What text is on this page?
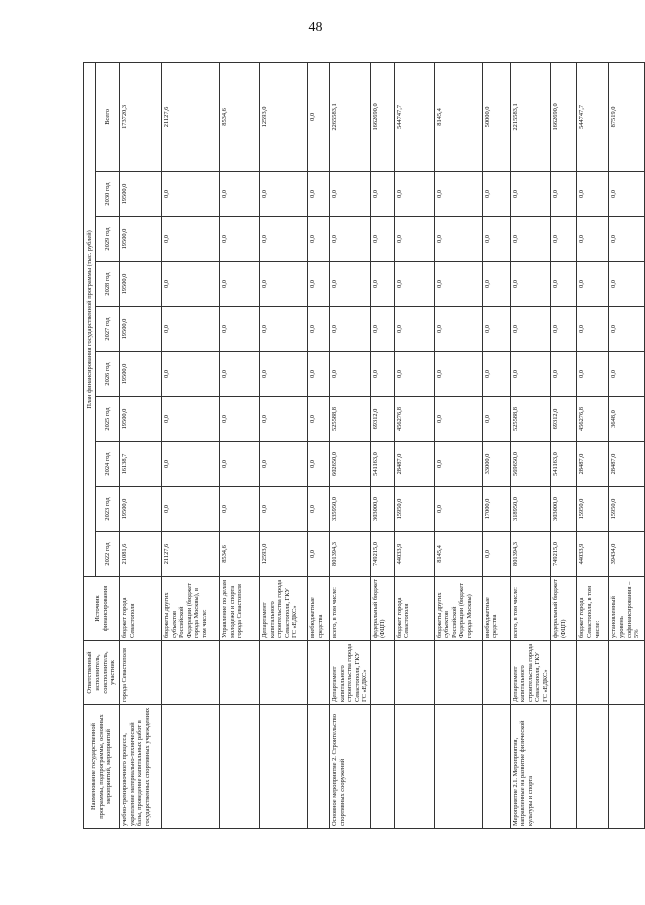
48
Наименование государственной программы, подпрограммы, основных мероприятий, мероприятий	Ответственный исполнитель, соисполнитель, участник	Источник финансирования	План финансирования государственной программы (тыс. рублей)									
			2022 год	2023 год	2024 год	2025 год	2026 год	2027 год	2028 год	2029 год	2030 год	Всего
учебно-тренировочного процесса, укрепление материально-технической базы, проведение капитальных работ в государственных спортивных учреждениях	города Севастополя	бюджет города Севастополя	21081,6	19500,0	16138,7	19500,0	19500,0	19500,0	19500,0	19500,0	19500,0	173720,3
		бюджеты других субъектов Российской Федерации (бюджет города Москвы), в том числе:	21127,6	0,0	0,0	0,0	0,0	0,0	0,0	0,0	0,0	21127,6
		Управление по делам молодежи и спорта города Севастополя	8534,6	0,0	0,0	0,0	0,0	0,0	0,0	0,0	0,0	8534,6
		Департамент капитального строительства города Севастополя, ГКУ ГС «ЕДКС»	12593,0	0,0	0,0	0,0	0,0	0,0	0,0	0,0	0,0	12593,0
		внебюджетные средства	0,0	0,0	0,0	0,0	0,0	0,0	0,0	0,0	0,0	0,0
Основное мероприятие 2. Строительство спортивных сооружений	Департамент капитального строительства города Севастополя, ГКУ ГС «ЕДКС»	всего, в том числе:	801394,3	335950,0	602650,0	525588,8	0,0	0,0	0,0	0,0	0,0	2265583,1
		федеральный бюджет (ФЦП)	749215,0	303000,0	541163,0	69312,0	0,0	0,0	0,0	0,0	0,0	1662690,0
		бюджет города Севастополя	44033,9	15950,0	28487,0	456276,8	0,0	0,0	0,0	0,0	0,0	544747,7
		бюджеты других субъектов Российской Федерации (бюджет города Москвы)	8145,4	0,0	0,0	0,0	0,0	0,0	0,0	0,0	0,0	8145,4
		внебюджетные средства	0,0	17000,0	33000,0	0,0	0,0	0,0	0,0	0,0	0,0	50000,0
Мероприятие 2.1. Мероприятия, направленные на развитие физической культуры и спорта	Департамент капитального строительства города Севастополя, ГКУ ГС «ЕДКС»	всего, в том числе:	801394,3	318950,0	569650,0	525588,8	0,0	0,0	0,0	0,0	0,0	2215583,1
		федеральный бюджет (ФЦП)	749215,0	303000,0	541163,0	69312,0	0,0	0,0	0,0	0,0	0,0	1662690,0
		бюджет города Севастополя, в том числе:	44033,9	15950,0	28487,0	456276,8	0,0	0,0	0,0	0,0	0,0	544747,7
		установленный уровень софинансирования – 5%	39434,0	15950,0	28487,0	3648,0	0,0	0,0	0,0	0,0	0,0	87519,0
